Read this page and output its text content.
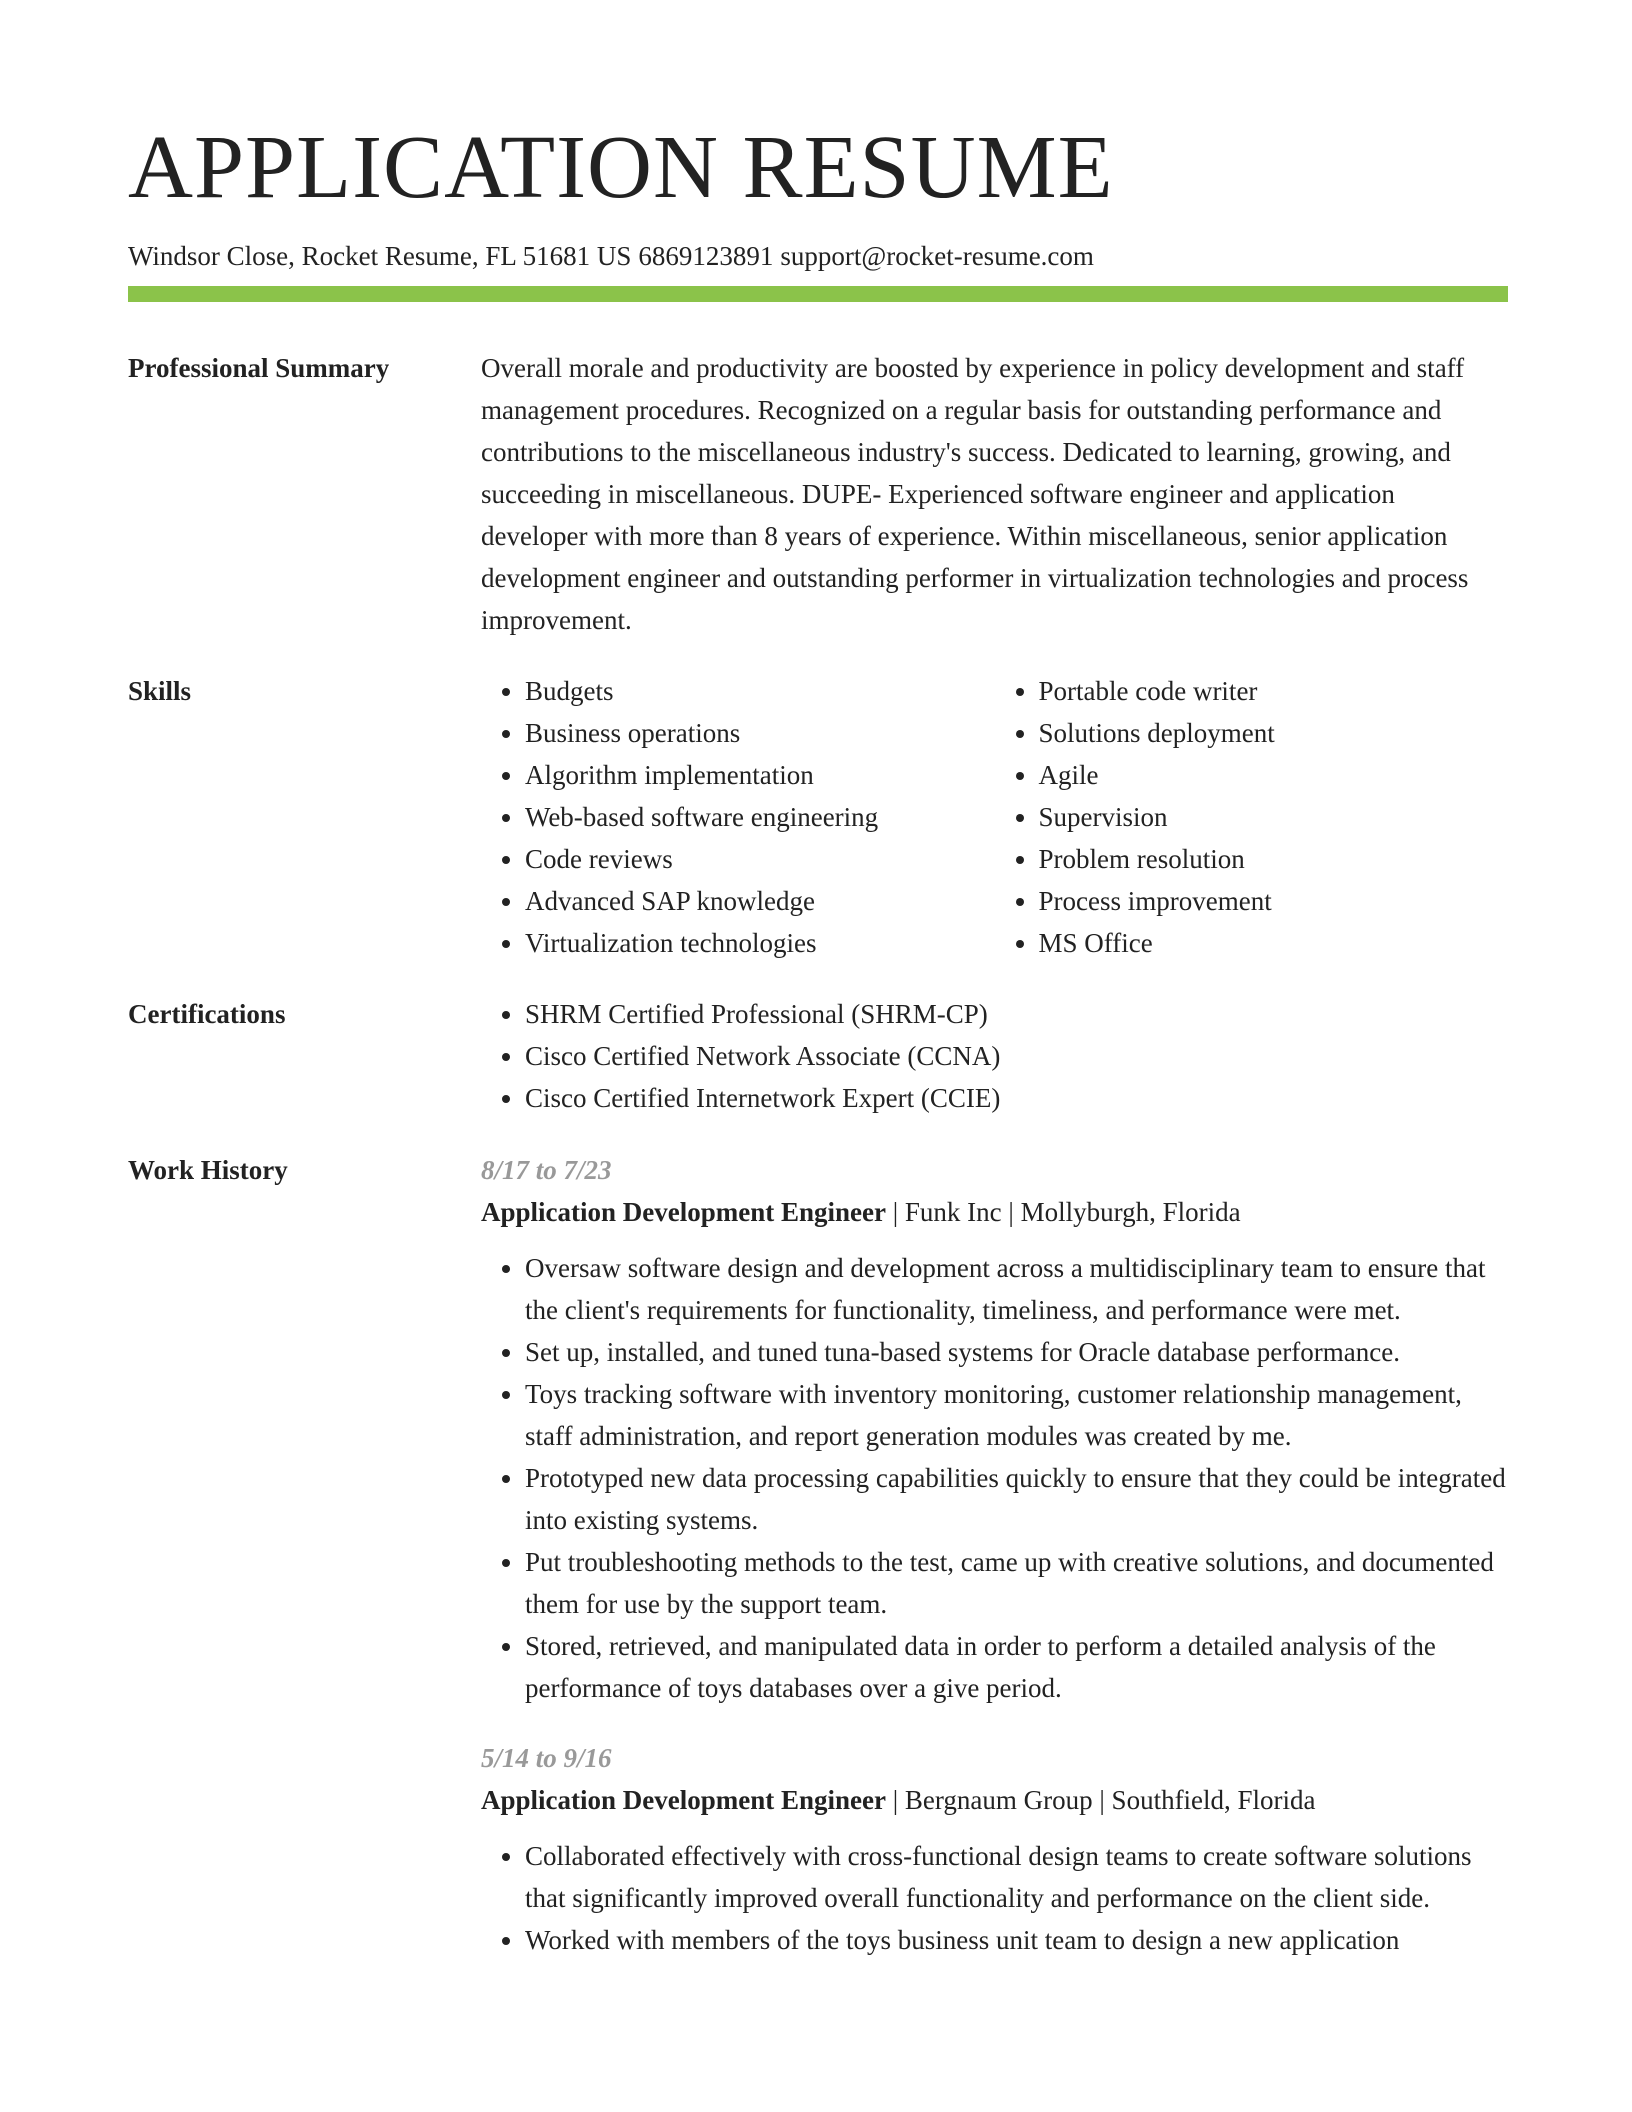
APPLICATION RESUME
Windsor Close, Rocket Resume, FL 51681 US 6869123891 support@rocket-resume.com
Professional Summary	Overall morale and productivity are boosted by experience in policy development and staff management procedures. Recognized on a regular basis for outstanding performance and contributions to the miscellaneous industry's success. Dedicated to learning, growing, and succeeding in miscellaneous. DUPE- Experienced software engineer and application developer with more than 8 years of experience. Within miscellaneous, senior application development engineer and outstanding performer in virtualization technologies and process improvement.
Skills	• Budgets
• Business operations
• Algorithm implementation
• Web-based software engineering
• Code reviews
• Advanced SAP knowledge
• Virtualization technologies
• Portable code writer
• Solutions deployment
• Agile
• Supervision
• Problem resolution
• Process improvement
• MS Office
Certifications	• SHRM Certified Professional (SHRM-CP)
• Cisco Certified Network Associate (CCNA)
• Cisco Certified Internetwork Expert (CCIE)
Work History	8/17 to 7/23
Application Development Engineer | Funk Inc | Mollyburgh, Florida
• Oversaw software design and development across a multidisciplinary team to ensure that the client's requirements for functionality, timeliness, and performance were met.
• Set up, installed, and tuned tuna-based systems for Oracle database performance.
• Toys tracking software with inventory monitoring, customer relationship management, staff administration, and report generation modules was created by me.
• Prototyped new data processing capabilities quickly to ensure that they could be integrated into existing systems.
• Put troubleshooting methods to the test, came up with creative solutions, and documented them for use by the support team.
• Stored, retrieved, and manipulated data in order to perform a detailed analysis of the performance of toys databases over a give period.
5/14 to 9/16
Application Development Engineer | Bergnaum Group | Southfield, Florida
• Collaborated effectively with cross-functional design teams to create software solutions that significantly improved overall functionality and performance on the client side.
• Worked with members of the toys business unit team to design a new application
